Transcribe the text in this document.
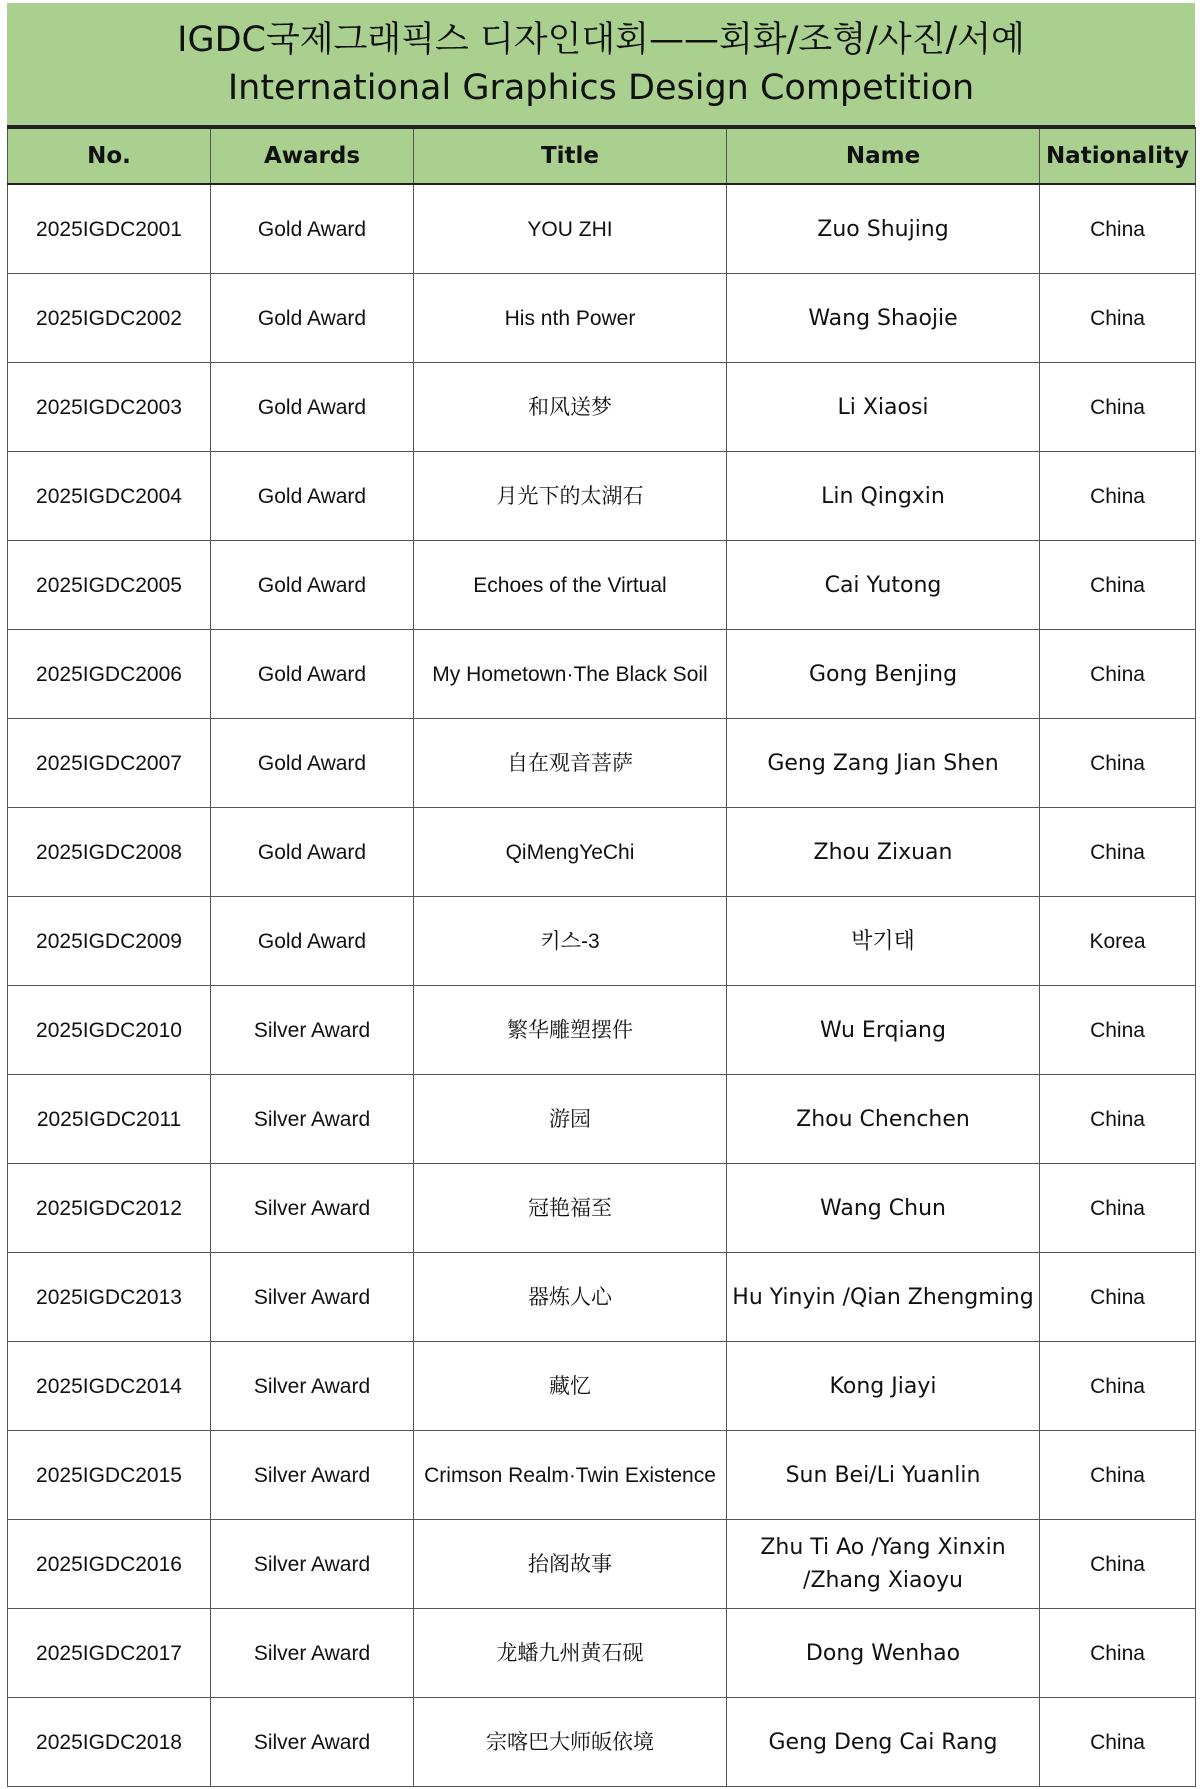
IGDC국제그래픽스 디자인대회——회화/조형/사진/서예
International Graphics Design Competition
No.	Awards	Title	Name	Nationality
2025IGDC2001	Gold Award	YOU ZHI	Zuo Shujing	China
2025IGDC2002	Gold Award	His nth Power	Wang Shaojie	China
2025IGDC2003	Gold Award	和风送梦	Li Xiaosi	China
2025IGDC2004	Gold Award	月光下的太湖石	Lin Qingxin	China
2025IGDC2005	Gold Award	Echoes of the Virtual	Cai Yutong	China
2025IGDC2006	Gold Award	My Hometown·The Black Soil	Gong Benjing	China
2025IGDC2007	Gold Award	自在观音菩萨	Geng Zang Jian Shen	China
2025IGDC2008	Gold Award	QiMengYeChi	Zhou Zixuan	China
2025IGDC2009	Gold Award	키스-3	박기태	Korea
2025IGDC2010	Silver Award	繁华雕塑摆件	Wu Erqiang	China
2025IGDC2011	Silver Award	游园	Zhou Chenchen	China
2025IGDC2012	Silver Award	冠艳福至	Wang Chun	China
2025IGDC2013	Silver Award	器炼人心	Hu Yinyin /Qian Zhengming	China
2025IGDC2014	Silver Award	藏忆	Kong Jiayi	China
2025IGDC2015	Silver Award	Crimson Realm·Twin Existence	Sun Bei/Li Yuanlin	China
2025IGDC2016	Silver Award	抬阁故事	Zhu Ti Ao /Yang Xinxin /Zhang Xiaoyu	China
2025IGDC2017	Silver Award	龙蟠九州黄石砚	Dong Wenhao	China
2025IGDC2018	Silver Award	宗喀巴大师皈依境	Geng Deng Cai Rang	China
